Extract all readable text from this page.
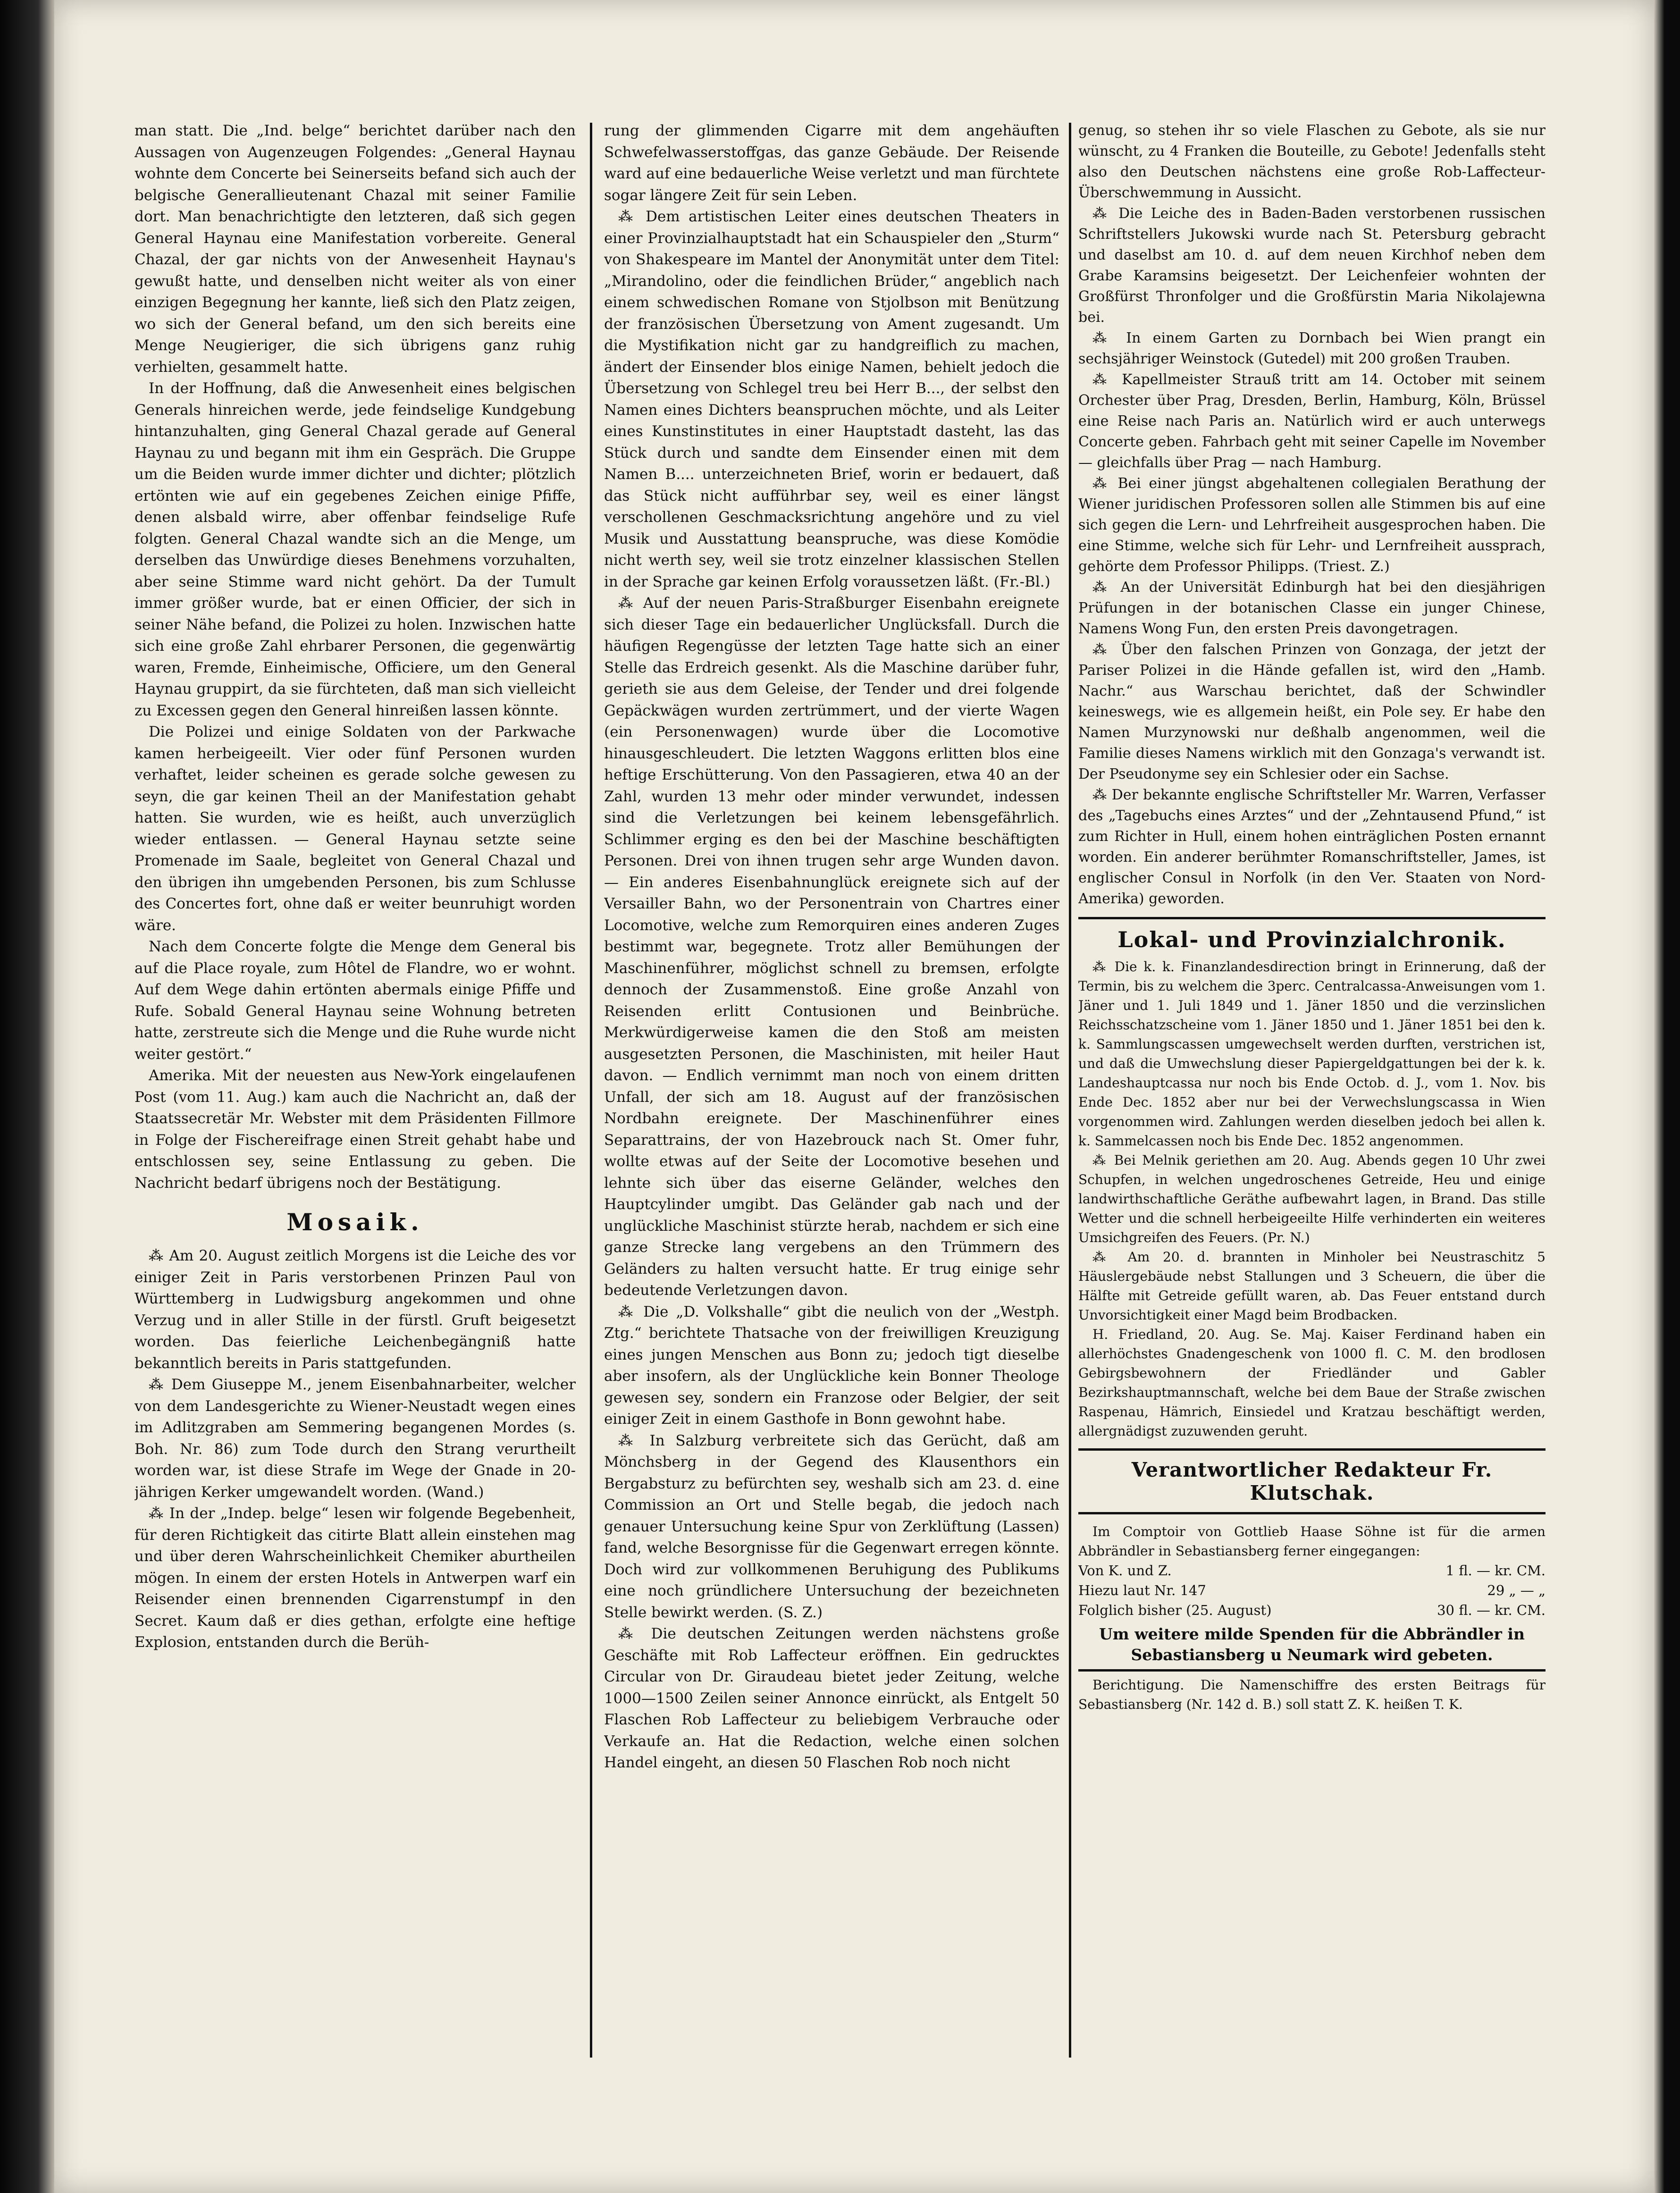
man statt. Die „Ind. belge“ berichtet darüber nach den Aussagen von Augenzeugen Folgendes: „General Haynau wohnte dem Concerte bei Seinerseits befand sich auch der belgische Generallieutenant Chazal mit seiner Familie dort. Man benachrichtigte den letzteren, daß sich gegen General Haynau eine Manifestation vorbereite. General Chazal, der gar nichts von der Anwesenheit Haynau's gewußt hatte, und denselben nicht weiter als von einer einzigen Begegnung her kannte, ließ sich den Platz zeigen, wo sich der General befand, um den sich bereits eine Menge Neugieriger, die sich übrigens ganz ruhig verhielten, gesammelt hatte.

In der Hoffnung, daß die Anwesenheit eines belgischen Generals hinreichen werde, jede feindselige Kundgebung hintanzuhalten, ging General Chazal gerade auf General Haynau zu und begann mit ihm ein Gespräch. Die Gruppe um die Beiden wurde immer dichter und dichter; plötzlich ertönten wie auf ein gegebenes Zeichen einige Pfiffe, denen alsbald wirre, aber offenbar feindselige Rufe folgten. General Chazal wandte sich an die Menge, um derselben das Unwürdige dieses Benehmens vorzuhalten, aber seine Stimme ward nicht gehört. Da der Tumult immer größer wurde, bat er einen Officier, der sich in seiner Nähe befand, die Polizei zu holen. Inzwischen hatte sich eine große Zahl ehrbarer Personen, die gegenwärtig waren, Fremde, Einheimische, Officiere, um den General Haynau gruppirt, da sie fürchteten, daß man sich vielleicht zu Excessen gegen den General hinreißen lassen könnte.

Die Polizei und einige Soldaten von der Parkwache kamen herbeigeeilt. Vier oder fünf Personen wurden verhaftet, leider scheinen es gerade solche gewesen zu seyn, die gar keinen Theil an der Manifestation gehabt hatten. Sie wurden, wie es heißt, auch unverzüglich wieder entlassen. — General Haynau setzte seine Promenade im Saale, begleitet von General Chazal und den übrigen ihn umgebenden Personen, bis zum Schlusse des Concertes fort, ohne daß er weiter beunruhigt worden wäre.

Nach dem Concerte folgte die Menge dem General bis auf die Place royale, zum Hôtel de Flandre, wo er wohnt. Auf dem Wege dahin ertönten abermals einige Pfiffe und Rufe. Sobald General Haynau seine Wohnung betreten hatte, zerstreute sich die Menge und die Ruhe wurde nicht weiter gestört.“

Amerika. Mit der neuesten aus New-York eingelaufenen Post (vom 11. Aug.) kam auch die Nachricht an, daß der Staatssecretär Mr. Webster mit dem Präsidenten Fillmore in Folge der Fischereifrage einen Streit gehabt habe und entschlossen sey, seine Entlassung zu geben. Die Nachricht bedarf übrigens noch der Bestätigung.

Mosaik.

⁂ Am 20. August zeitlich Morgens ist die Leiche des vor einiger Zeit in Paris verstorbenen Prinzen Paul von Württemberg in Ludwigsburg angekommen und ohne Verzug und in aller Stille in der fürstl. Gruft beigesetzt worden. Das feierliche Leichenbegängniß hatte bekanntlich bereits in Paris stattgefunden.

⁂ Dem Giuseppe M., jenem Eisenbahnarbeiter, welcher von dem Landesgerichte zu Wiener-Neustadt wegen eines im Adlitzgraben am Semmering begangenen Mordes (s. Boh. Nr. 86) zum Tode durch den Strang verurtheilt worden war, ist diese Strafe im Wege der Gnade in 20-jährigen Kerker umgewandelt worden. (Wand.)

⁂ In der „Indep. belge“ lesen wir folgende Begebenheit, für deren Richtigkeit das citirte Blatt allein einstehen mag und über deren Wahrscheinlichkeit Chemiker aburtheilen mögen. In einem der ersten Hotels in Antwerpen warf ein Reisender einen brennenden Cigarrenstumpf in den Secret. Kaum daß er dies gethan, erfolgte eine heftige Explosion, entstanden durch die Berüh-

rung der glimmenden Cigarre mit dem angehäuften Schwefelwasserstoffgas, das ganze Gebäude. Der Reisende ward auf eine bedauerliche Weise verletzt und man fürchtete sogar längere Zeit für sein Leben.

⁂ Dem artistischen Leiter eines deutschen Theaters in einer Provinzialhauptstadt hat ein Schauspieler den „Sturm“ von Shakespeare im Mantel der Anonymität unter dem Titel: „Mirandolino, oder die feindlichen Brüder,“ angeblich nach einem schwedischen Romane von Stjolbson mit Benützung der französischen Übersetzung von Ament zugesandt. Um die Mystifikation nicht gar zu handgreiflich zu machen, ändert der Einsender blos einige Namen, behielt jedoch die Übersetzung von Schlegel treu bei Herr B..., der selbst den Namen eines Dichters beanspruchen möchte, und als Leiter eines Kunstinstitutes in einer Hauptstadt dasteht, las das Stück durch und sandte dem Einsender einen mit dem Namen B.... unterzeichneten Brief, worin er bedauert, daß das Stück nicht aufführbar sey, weil es einer längst verschollenen Geschmacksrichtung angehöre und zu viel Musik und Ausstattung beanspruche, was diese Komödie nicht werth sey, weil sie trotz einzelner klassischen Stellen in der Sprache gar keinen Erfolg voraussetzen läßt. (Fr.-Bl.)

⁂ Auf der neuen Paris-Straßburger Eisenbahn ereignete sich dieser Tage ein bedauerlicher Unglücksfall. Durch die häufigen Regengüsse der letzten Tage hatte sich an einer Stelle das Erdreich gesenkt. Als die Maschine darüber fuhr, gerieth sie aus dem Geleise, der Tender und drei folgende Gepäckwägen wurden zertrümmert, und der vierte Wagen (ein Personenwagen) wurde über die Locomotive hinausgeschleudert. Die letzten Waggons erlitten blos eine heftige Erschütterung. Von den Passagieren, etwa 40 an der Zahl, wurden 13 mehr oder minder verwundet, indessen sind die Verletzungen bei keinem lebensgefährlich. Schlimmer erging es den bei der Maschine beschäftigten Personen. Drei von ihnen trugen sehr arge Wunden davon. — Ein anderes Eisenbahnunglück ereignete sich auf der Versailler Bahn, wo der Personentrain von Chartres einer Locomotive, welche zum Remorquiren eines anderen Zuges bestimmt war, begegnete. Trotz aller Bemühungen der Maschinenführer, möglichst schnell zu bremsen, erfolgte dennoch der Zusammenstoß. Eine große Anzahl von Reisenden erlitt Contusionen und Beinbrüche. Merkwürdigerweise kamen die den Stoß am meisten ausgesetzten Personen, die Maschinisten, mit heiler Haut davon. — Endlich vernimmt man noch von einem dritten Unfall, der sich am 18. August auf der französischen Nordbahn ereignete. Der Maschinenführer eines Separattrains, der von Hazebrouck nach St. Omer fuhr, wollte etwas auf der Seite der Locomotive besehen und lehnte sich über das eiserne Geländer, welches den Hauptcylinder umgibt. Das Geländer gab nach und der unglückliche Maschinist stürzte herab, nachdem er sich eine ganze Strecke lang vergebens an den Trümmern des Geländers zu halten versucht hatte. Er trug einige sehr bedeutende Verletzungen davon.

⁂ Die „D. Volkshalle“ gibt die neulich von der „Westph. Ztg.“ berichtete Thatsache von der freiwilligen Kreuzigung eines jungen Menschen aus Bonn zu; jedoch tigt dieselbe aber insofern, als der Unglückliche kein Bonner Theologe gewesen sey, sondern ein Franzose oder Belgier, der seit einiger Zeit in einem Gasthofe in Bonn gewohnt habe.

⁂ In Salzburg verbreitete sich das Gerücht, daß am Mönchsberg in der Gegend des Klausenthors ein Bergabsturz zu befürchten sey, weshalb sich am 23. d. eine Commission an Ort und Stelle begab, die jedoch nach genauer Untersuchung keine Spur von Zerklüftung (Lassen) fand, welche Besorgnisse für die Gegenwart erregen könnte. Doch wird zur vollkommenen Beruhigung des Publikums eine noch gründlichere Untersuchung der bezeichneten Stelle bewirkt werden. (S. Z.)

⁂ Die deutschen Zeitungen werden nächstens große Geschäfte mit Rob Laffecteur eröffnen. Ein gedrucktes Circular von Dr. Giraudeau bietet jeder Zeitung, welche 1000—1500 Zeilen seiner Annonce einrückt, als Entgelt 50 Flaschen Rob Laffecteur zu beliebigem Verbrauche oder Verkaufe an. Hat die Redaction, welche einen solchen Handel eingeht, an diesen 50 Flaschen Rob noch nicht

genug, so stehen ihr so viele Flaschen zu Gebote, als sie nur wünscht, zu 4 Franken die Bouteille, zu Gebote! Jedenfalls steht also den Deutschen nächstens eine große Rob-Laffecteur-Überschwemmung in Aussicht.

⁂ Die Leiche des in Baden-Baden verstorbenen russischen Schriftstellers Jukowski wurde nach St. Petersburg gebracht und daselbst am 10. d. auf dem neuen Kirchhof neben dem Grabe Karamsins beigesetzt. Der Leichenfeier wohnten der Großfürst Thronfolger und die Großfürstin Maria Nikolajewna bei.

⁂ In einem Garten zu Dornbach bei Wien prangt ein sechsjähriger Weinstock (Gutedel) mit 200 großen Trauben.

⁂ Kapellmeister Strauß tritt am 14. October mit seinem Orchester über Prag, Dresden, Berlin, Hamburg, Köln, Brüssel eine Reise nach Paris an. Natürlich wird er auch unterwegs Concerte geben. Fahrbach geht mit seiner Capelle im November — gleichfalls über Prag — nach Hamburg.

⁂ Bei einer jüngst abgehaltenen collegialen Berathung der Wiener juridischen Professoren sollen alle Stimmen bis auf eine sich gegen die Lern- und Lehrfreiheit ausgesprochen haben. Die eine Stimme, welche sich für Lehr- und Lernfreiheit aussprach, gehörte dem Professor Philipps. (Triest. Z.)

⁂ An der Universität Edinburgh hat bei den diesjährigen Prüfungen in der botanischen Classe ein junger Chinese, Namens Wong Fun, den ersten Preis davongetragen.

⁂ Über den falschen Prinzen von Gonzaga, der jetzt der Pariser Polizei in die Hände gefallen ist, wird den „Hamb. Nachr.“ aus Warschau berichtet, daß der Schwindler keineswegs, wie es allgemein heißt, ein Pole sey. Er habe den Namen Murzynowski nur deßhalb angenommen, weil die Familie dieses Namens wirklich mit den Gonzaga's verwandt ist. Der Pseudonyme sey ein Schlesier oder ein Sachse.

⁂ Der bekannte englische Schriftsteller Mr. Warren, Verfasser des „Tagebuchs eines Arztes“ und der „Zehntausend Pfund,“ ist zum Richter in Hull, einem hohen einträglichen Posten ernannt worden. Ein anderer berühmter Romanschriftsteller, James, ist englischer Consul in Norfolk (in den Ver. Staaten von Nord-Amerika) geworden.

Lokal- und Provinzialchronik.

⁂ Die k. k. Finanzlandesdirection bringt in Erinnerung, daß der Termin, bis zu welchem die 3perc. Centralcassa-Anweisungen vom 1. Jäner und 1. Juli 1849 und 1. Jäner 1850 und die verzinslichen Reichsschatzscheine vom 1. Jäner 1850 und 1. Jäner 1851 bei den k. k. Sammlungscassen umgewechselt werden durften, verstrichen ist, und daß die Umwechslung dieser Papiergeldgattungen bei der k. k. Landeshauptcassa nur noch bis Ende Octob. d. J., vom 1. Nov. bis Ende Dec. 1852 aber nur bei der Verwechslungscassa in Wien vorgenommen wird. Zahlungen werden dieselben jedoch bei allen k. k. Sammelcassen noch bis Ende Dec. 1852 angenommen.

⁂ Bei Melnik geriethen am 20. Aug. Abends gegen 10 Uhr zwei Schupfen, in welchen ungedroschenes Getreide, Heu und einige landwirthschaftliche Geräthe aufbewahrt lagen, in Brand. Das stille Wetter und die schnell herbeigeeilte Hilfe verhinderten ein weiteres Umsichgreifen des Feuers. (Pr. N.)

⁂ Am 20. d. brannten in Minholer bei Neustraschitz 5 Häuslergebäude nebst Stallungen und 3 Scheuern, die über die Hälfte mit Getreide gefüllt waren, ab. Das Feuer entstand durch Unvorsichtigkeit einer Magd beim Brodbacken.

H. Friedland, 20. Aug. Se. Maj. Kaiser Ferdinand haben ein allerhöchstes Gnadengeschenk von 1000 fl. C. M. den brodlosen Gebirgsbewohnern der Friedländer und Gabler Bezirkshauptmannschaft, welche bei dem Baue der Straße zwischen Raspenau, Hämrich, Einsiedel und Kratzau beschäftigt werden, allergnädigst zuzuwenden geruht.

Verantwortlicher Redakteur Fr. Klutschak.

Im Comptoir von Gottlieb Haase Söhne ist für die armen Abbrändler in Sebastiansberg ferner eingegangen:

Von K. und Z.	1 fl. — kr. CM.
Hiezu laut Nr. 147	29 „ — „
Folglich bisher (25. August)	30 fl. — kr. CM.
Um weitere milde Spenden für die Abbrändler in Sebastiansberg u Neumark wird gebeten.

Berichtigung. Die Namenschiffre des ersten Beitrags für Sebastiansberg (Nr. 142 d. B.) soll statt Z. K. heißen T. K.
